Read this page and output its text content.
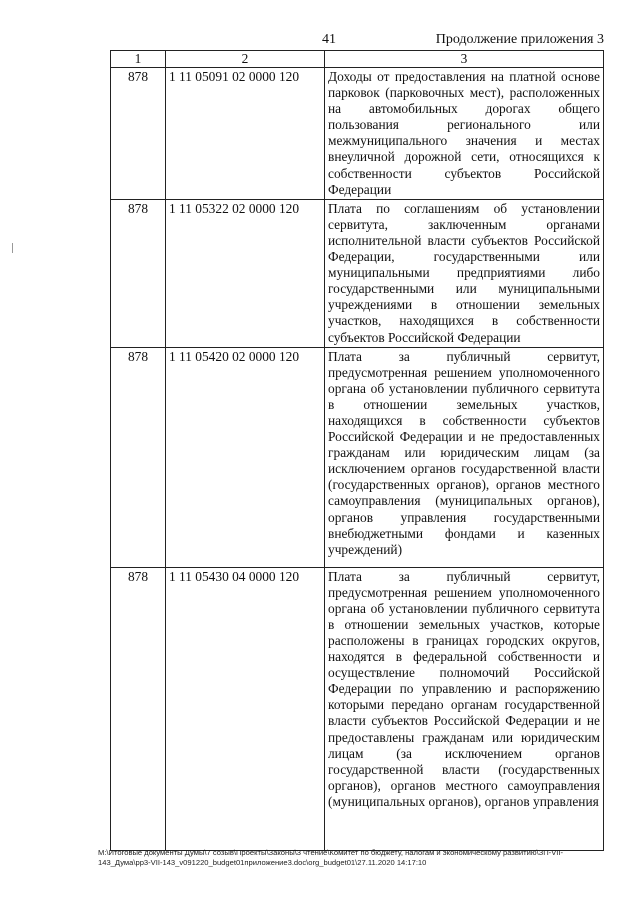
41	Продолжение приложения 3
1	2	3
878	1 11 05091 02 0000 120	Доходы от предоставления на платной основе парковок (парковочных мест), расположенных на автомобильных дорогах общего пользования регионального или межмуниципального значения и местах внеуличной дорожной сети, относящихся к собственности субъектов Российской Федерации
878	1 11 05322 02 0000 120	Плата по соглашениям об установлении сервитута, заключенным органами исполнительной власти субъектов Российской Федерации, государственными или муниципальными предприятиями либо государственными или муниципальными учреждениями в отношении земельных участков, находящихся в собственности субъектов Российской Федерации
878	1 11 05420 02 0000 120	Плата за публичный сервитут, предусмотренная решением уполномоченного органа об установлении публичного сервитута в отношении земельных участков, находящихся в собственности субъектов Российской Федерации и не предоставленных гражданам или юридическим лицам (за исключением органов государственной власти (государственных органов), органов местного самоуправления (муниципальных органов), органов управления государственными внебюджетными фондами и казенных учреждений)
878	1 11 05430 04 0000 120	Плата за публичный сервитут, предусмотренная решением уполномоченного органа об установлении публичного сервитута в отношении земельных участков, которые расположены в границах городских округов, находятся в федеральной собственности и осуществление полномочий Российской Федерации по управлению и распоряжению которыми передано органам государственной власти субъектов Российской Федерации и не предоставлены гражданам или юридическим лицам (за исключением органов государственной власти (государственных органов), органов местного самоуправления (муниципальных органов), органов управления
M:\Итоговые документы Думы\7 созыв\Проекты\Законы\3 чтение\Комитет по бюджету, налогам и экономическому развитию\ЗП-VII-143_Дума\рр3-VII-143_v091220_budget01приложение3.doc\org_budget01\27.11.2020 14:17:10
